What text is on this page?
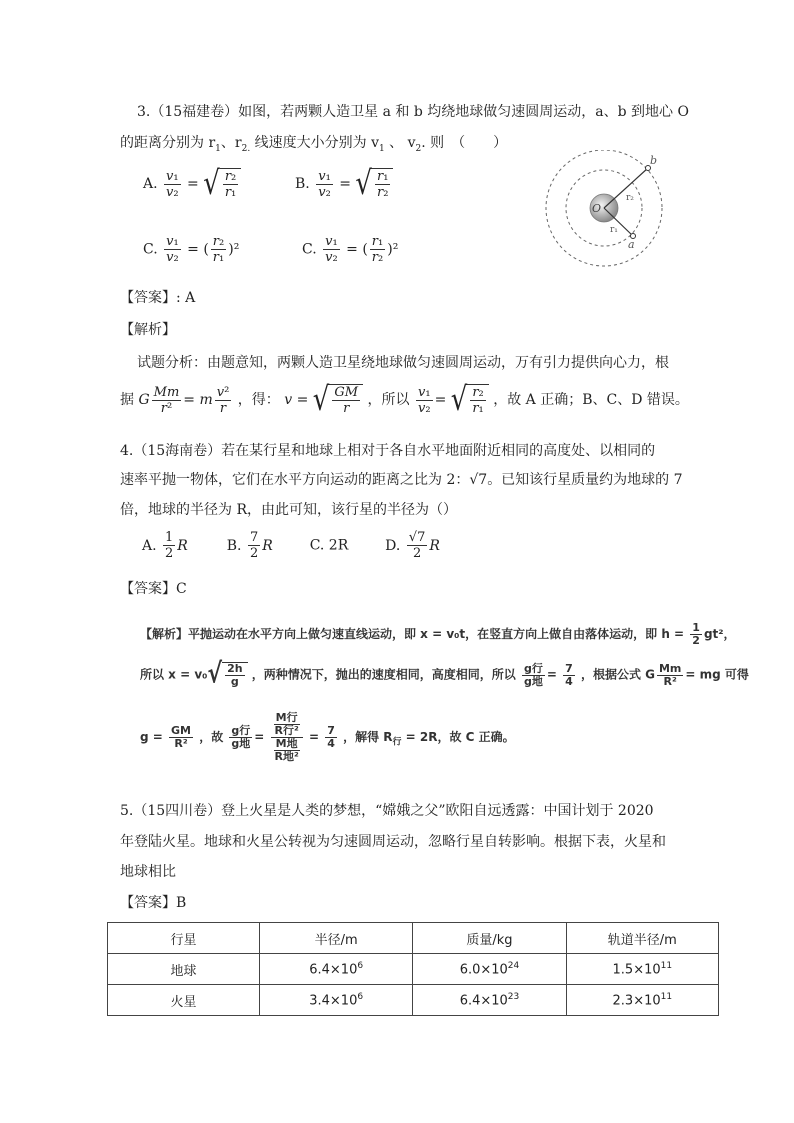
3.（15福建卷）如图，若两颗人造卫星 a 和 b 均绕地球做匀速圆周运动，a、b 到地心 O
的距离分别为 $r_1$、$r_{2.}$ 线速度大小分别为 $v_1$ 、 $v_2$. 则　（　　）
A. $\frac{\text{v₁}}{\text{v₂}}$ = √ $\frac{\text{r₂}}{\text{r₁}}$	B. $\frac{\text{v₁}}{\text{v₂}}$ = √ $\frac{\text{r₁}}{\text{r₂}}$
C. $\frac{\text{v₁}}{\text{v₂}}$ = ( $\frac{\text{r₂}}{\text{r₁}} )^2$	C. $\frac{\text{v₁}}{\text{v₂}}$ = ( $\frac{\text{r₁}}{\text{r₂}} )^2$
b
a
O
r₂
r₁
【答案】: A
【解析】
试题分析：由题意知，两颗人造卫星绕地球做匀速圆周运动，万有引力提供向心力，根
据 G $\frac{Mm}{\text{r²}} = m \frac{\text{v²}}{r}$ ，得： v = √ $\frac{GM}{r}$ ，所以 $\frac{\text{v₁}}{\text{v₂}}$ = √ $\frac{\text{r₂}}{\text{r₁}}$ ，故 A 正确；B、C、D 错误。
4.（15海南卷）若在某行星和地球上相对于各自水平地面附近相同的高度处、以相同的
速率平抛一物体，它们在水平方向运动的距离之比为 2：√7。已知该行星质量约为地球的 7
倍，地球的半径为 R，由此可知，该行星的半径为（）
A. $\frac{1}{2}$ R	B. $\frac{7}{2}$ R	C. 2R	D. $\frac{√7}{2}$ R
【答案】C
【解析】平抛运动在水平方向上做匀速直线运动，即 x = v₀t，在竖直方向上做自由落体运动，即 $h = \frac{1}{2} gt^2$，
所以 x = v₀ √ $\frac{2h}{g}$ ，两种情况下，抛出的速度相同，高度相同，所以 $\frac{\text{g行}}{\text{g地}} = \frac{7}{4}$ ，根据公式 G $\frac{Mm}{\text{R²}}$ = mg 可得
$g = \frac{GM}{\text{R²}}$ ，故 $\frac{\text{g行}}{\text{g地}} = \frac{\frac{\text{M行}}{\text{R行²}}}{\frac{\text{M地}}{\text{R地²}}} = \frac{7}{4}$ ，解得 $R_行 = 2R$，故 C 正确。
5.（15四川卷）登上火星是人类的梦想，“嫦娥之父”欧阳自远透露：中国计划于 2020
年登陆火星。地球和火星公转视为匀速圆周运动，忽略行星自转影响。根据下表，火星和
地球相比
【答案】B
行星	半径/m	质量/kg	轨道半径/m
地球	$6.4\times 10^6$	$6.0\times 10^{24}$	$1.5\times 10^{11}$
火星	$3.4\times 10^6$	$6.4\times 10^{23}$	$2.3\times 10^{11}$
